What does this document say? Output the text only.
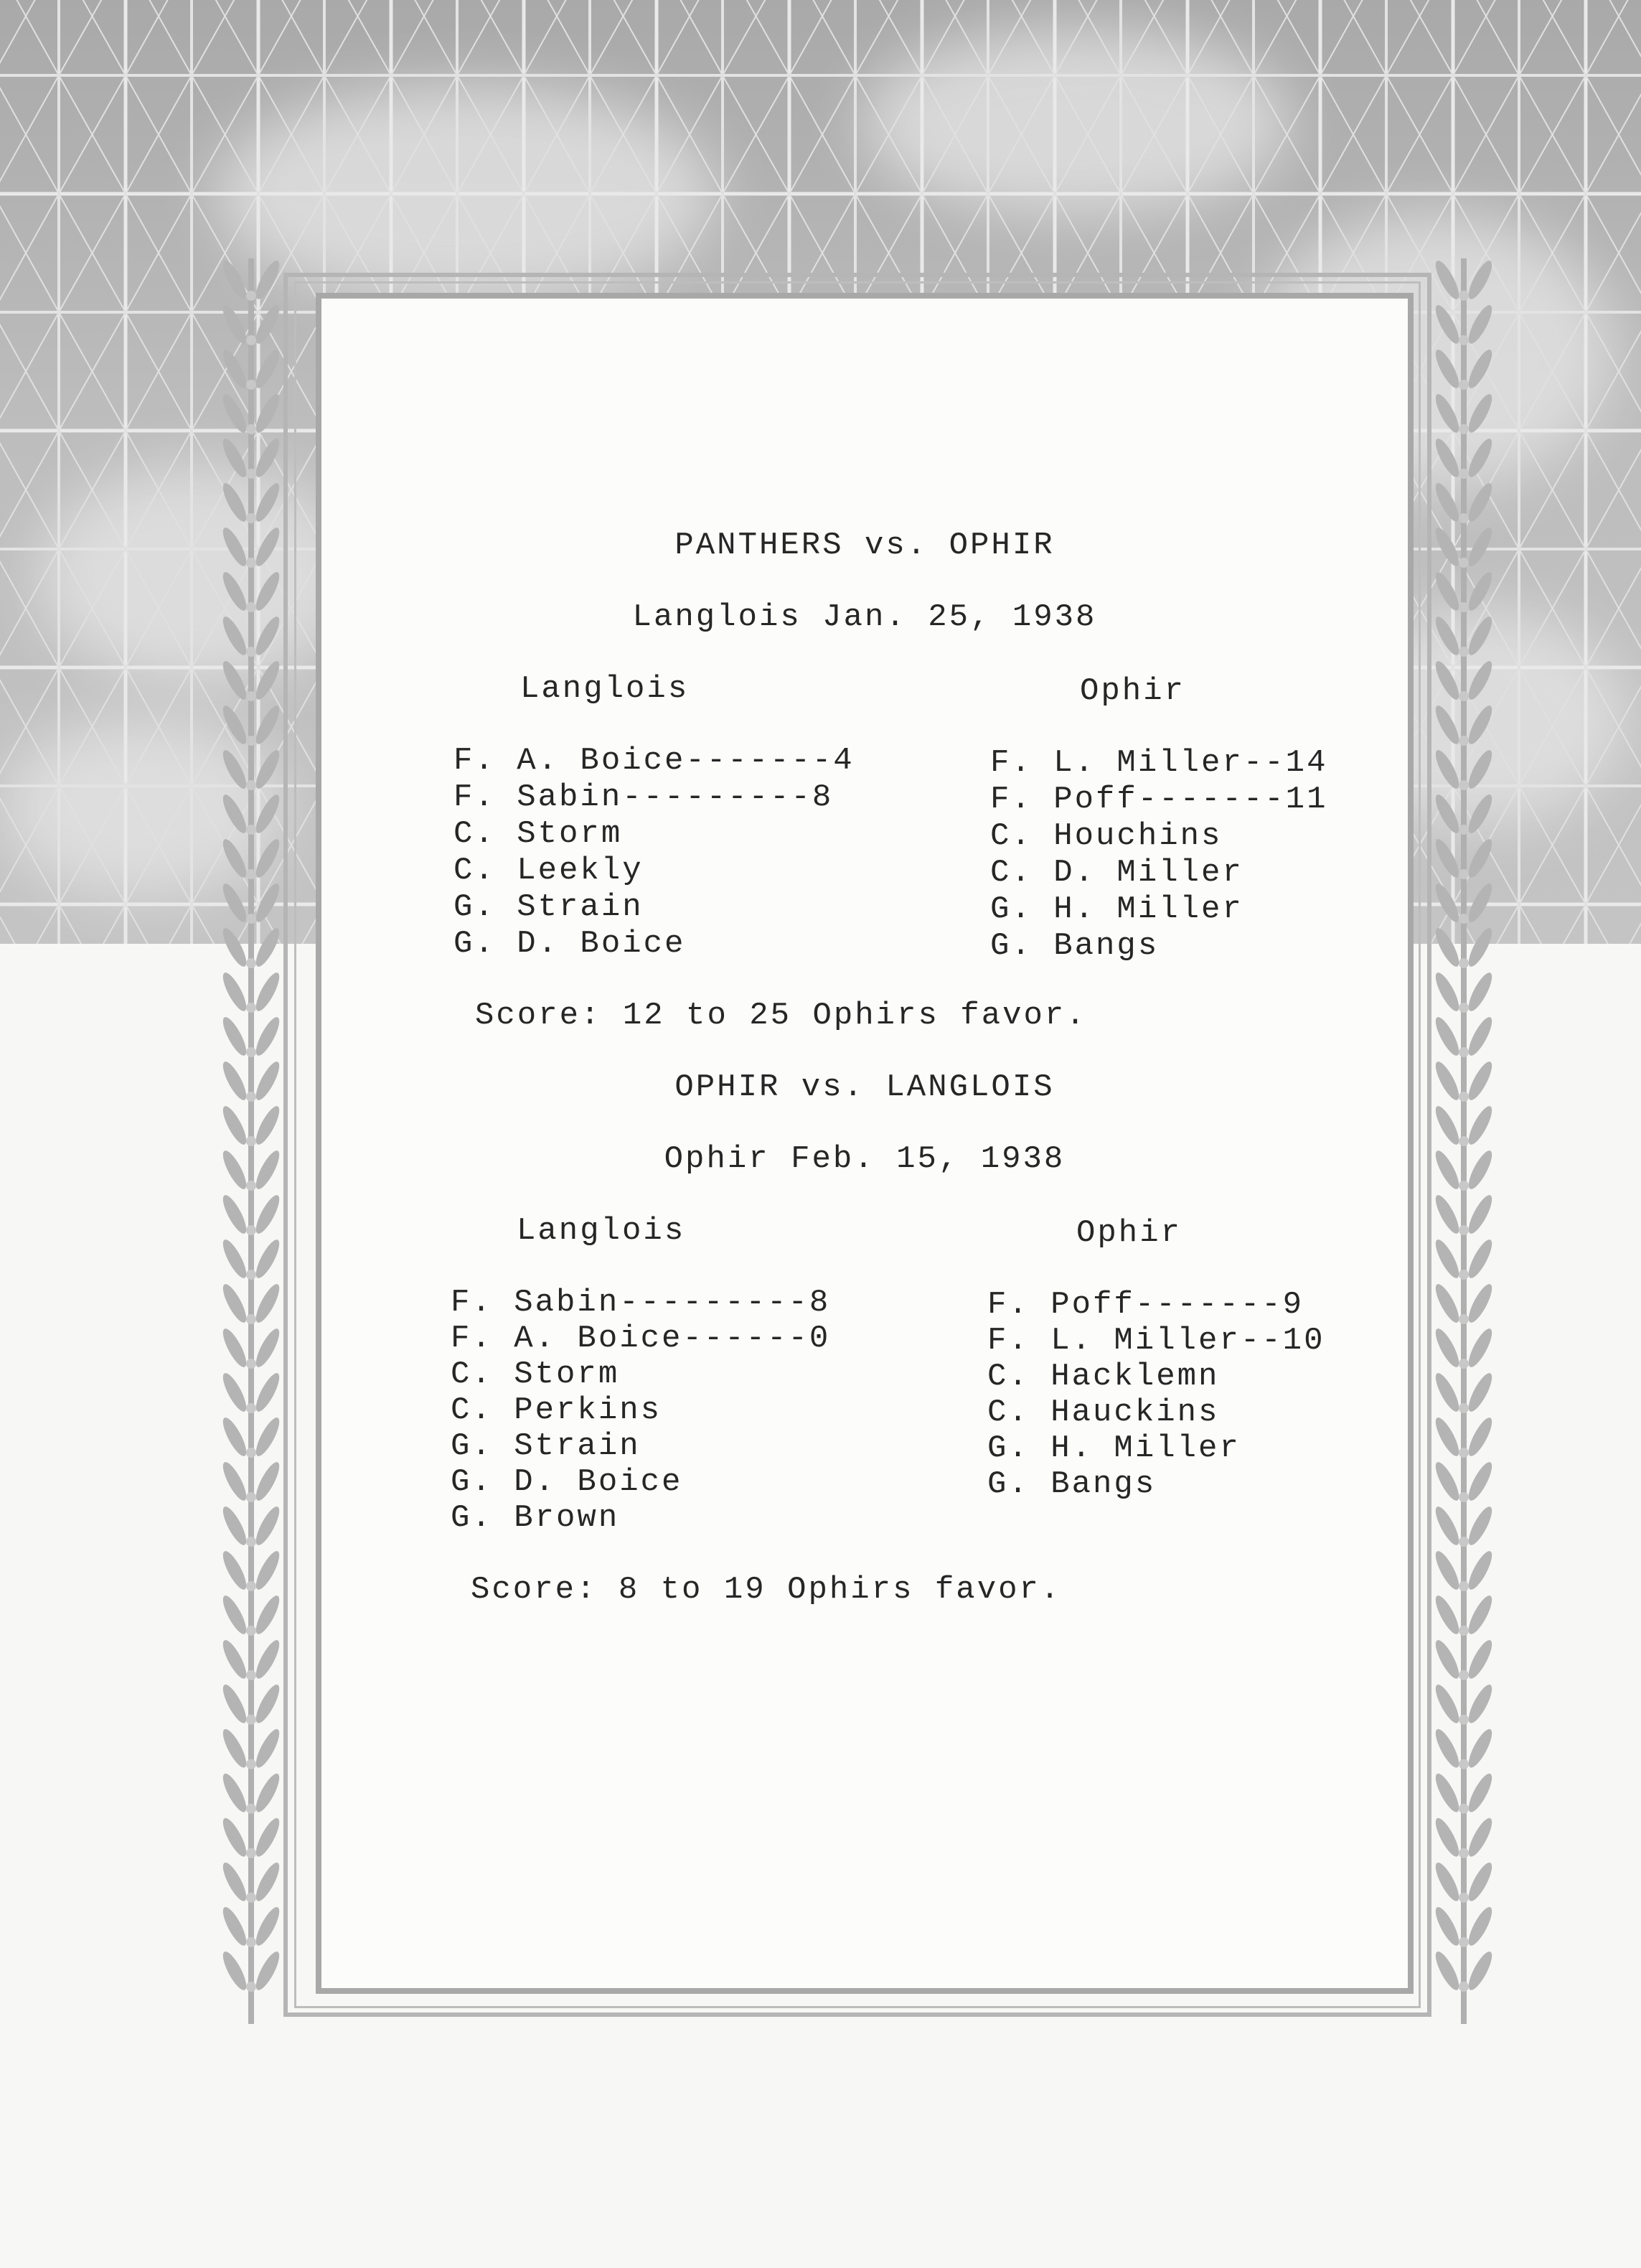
PANTHERS vs. OPHIR
Langlois Jan. 25, 1938
Langlois	Ophir
F. A. Boice-------4
F. Sabin---------8
C. Storm
C. Leekly
G. Strain
G. D. Boice
F. L. Miller--14
F. Poff-------11
C. Houchins
C. D. Miller
G. H. Miller
G. Bangs
Score: 12 to 25 Ophirs favor.
OPHIR vs. LANGLOIS
Ophir Feb. 15, 1938
Langlois	Ophir
F. Sabin---------8
F. A. Boice------0
C. Storm
C. Perkins
G. Strain
G. D. Boice
G. Brown
F. Poff-------9
F. L. Miller--10
C. Hacklemn
C. Hauckins
G. H. Miller
G. Bangs
Score: 8 to 19 Ophirs favor.
